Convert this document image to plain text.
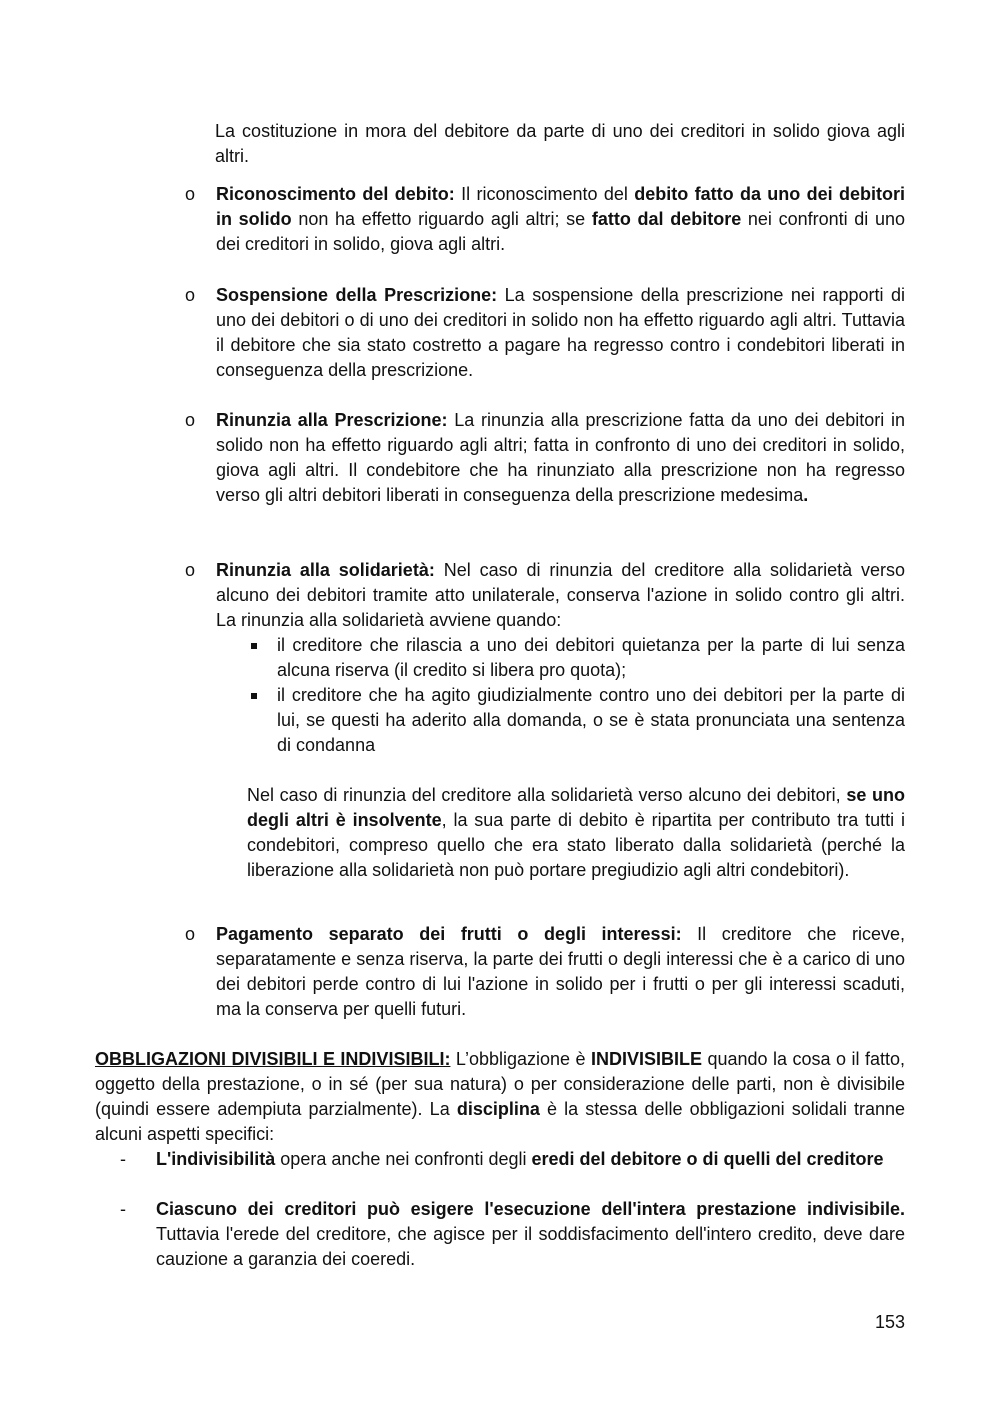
La costituzione in mora del debitore da parte di uno dei creditori in solido giova agli altri.

o	Riconoscimento del debito: Il riconoscimento del debito fatto da uno dei debitori in solido non ha effetto riguardo agli altri; se fatto dal debitore nei confronti di uno dei creditori in solido, giova agli altri.

o	Sospensione della Prescrizione: La sospensione della prescrizione nei rapporti di uno dei debitori o di uno dei creditori in solido non ha effetto riguardo agli altri. Tuttavia il debitore che sia stato costretto a pagare ha regresso contro i condebitori liberati in conseguenza della prescrizione.

o	Rinunzia alla Prescrizione: La rinunzia alla prescrizione fatta da uno dei debitori in solido non ha effetto riguardo agli altri; fatta in confronto di uno dei creditori in solido, giova agli altri. Il condebitore che ha rinunziato alla prescrizione non ha regresso verso gli altri debitori liberati in conseguenza della prescrizione medesima.

o	Rinunzia alla solidarietà: Nel caso di rinunzia del creditore alla solidarietà verso alcuno dei debitori tramite atto unilaterale, conserva l'azione in solido contro gli altri. La rinunzia alla solidarietà avviene quando:

il creditore che rilascia a uno dei debitori quietanza per la parte di lui senza alcuna riserva (il credito si libera pro quota);
il creditore che ha agito giudizialmente contro uno dei debitori per la parte di lui, se questi ha aderito alla domanda, o se è stata pronunciata una sentenza di condanna

Nel caso di rinunzia del creditore alla solidarietà verso alcuno dei debitori, se uno degli altri è insolvente, la sua parte di debito è ripartita per contributo tra tutti i condebitori, compreso quello che era stato liberato dalla solidarietà (perché la liberazione alla solidarietà non può portare pregiudizio agli altri condebitori).

o	Pagamento separato dei frutti o degli interessi: Il creditore che riceve, separatamente e senza riserva, la parte dei frutti o degli interessi che è a carico di uno dei debitori perde contro di lui l'azione in solido per i frutti o per gli interessi scaduti, ma la conserva per quelli futuri.

OBBLIGAZIONI DIVISIBILI E INDIVISIBILI: L’obbligazione è INDIVISIBILE quando la cosa o il fatto, oggetto della prestazione, o in sé (per sua natura) o per considerazione delle parti, non è divisibile (quindi essere adempiuta parzialmente). La disciplina è la stessa delle obbligazioni solidali tranne alcuni aspetti specifici:

- L'indivisibilità opera anche nei confronti degli eredi del debitore o di quelli del creditore

- Ciascuno dei creditori può esigere l'esecuzione dell'intera prestazione indivisibile. Tuttavia l'erede del creditore, che agisce per il soddisfacimento dell'intero credito, deve dare cauzione a garanzia dei coeredi.

153
